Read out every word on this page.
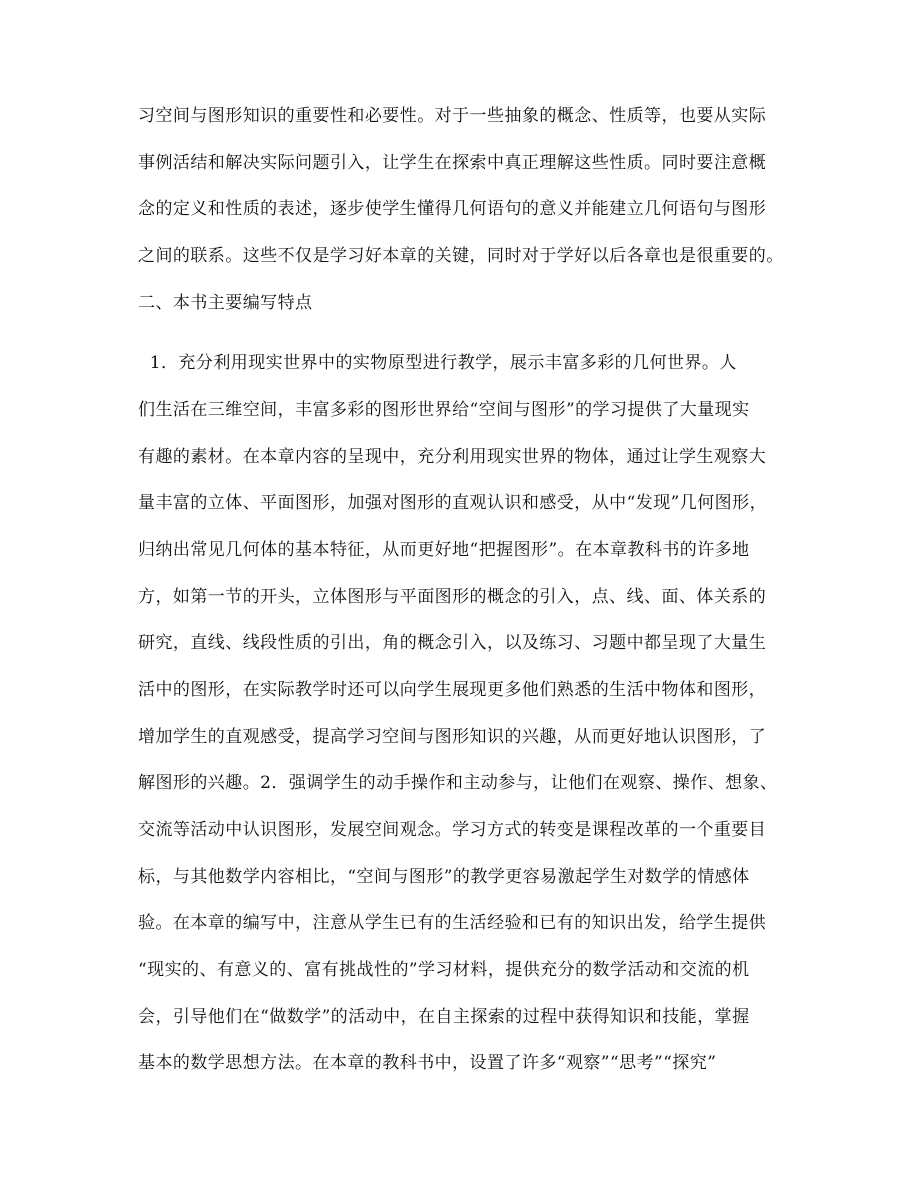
习空间与图形知识的重要性和必要性。对于一些抽象的概念、性质等，也要从实际
事例活结和解决实际问题引入，让学生在探索中真正理解这些性质。同时要注意概
念的定义和性质的表述，逐步使学生懂得几何语句的意义并能建立几何语句与图形
之间的联系。这些不仅是学习好本章的关键，同时对于学好以后各章也是很重要的。
二、本书主要编写特点
1．充分利用现实世界中的实物原型进行教学，展示丰富多彩的几何世界。人
们生活在三维空间，丰富多彩的图形世界给“空间与图形”的学习提供了大量现实
有趣的素材。在本章内容的呈现中，充分利用现实世界的物体，通过让学生观察大
量丰富的立体、平面图形，加强对图形的直观认识和感受，从中“发现”几何图形，
归纳出常见几何体的基本特征，从而更好地“把握图形”。在本章教科书的许多地
方，如第一节的开头，立体图形与平面图形的概念的引入，点、线、面、体关系的
研究，直线、线段性质的引出，角的概念引入，以及练习、习题中都呈现了大量生
活中的图形，在实际教学时还可以向学生展现更多他们熟悉的生活中物体和图形，
增加学生的直观感受，提高学习空间与图形知识的兴趣，从而更好地认识图形，了
解图形的兴趣。2．强调学生的动手操作和主动参与，让他们在观察、操作、想象、
交流等活动中认识图形，发展空间观念。学习方式的转变是课程改革的一个重要目
标，与其他数学内容相比，“空间与图形”的教学更容易激起学生对数学的情感体
验。在本章的编写中，注意从学生已有的生活经验和已有的知识出发，给学生提供
“现实的、有意义的、富有挑战性的”学习材料，提供充分的数学活动和交流的机
会，引导他们在“做数学”的活动中，在自主探索的过程中获得知识和技能，掌握
基本的数学思想方法。在本章的教科书中，设置了许多“观察”“思考”“探究”
